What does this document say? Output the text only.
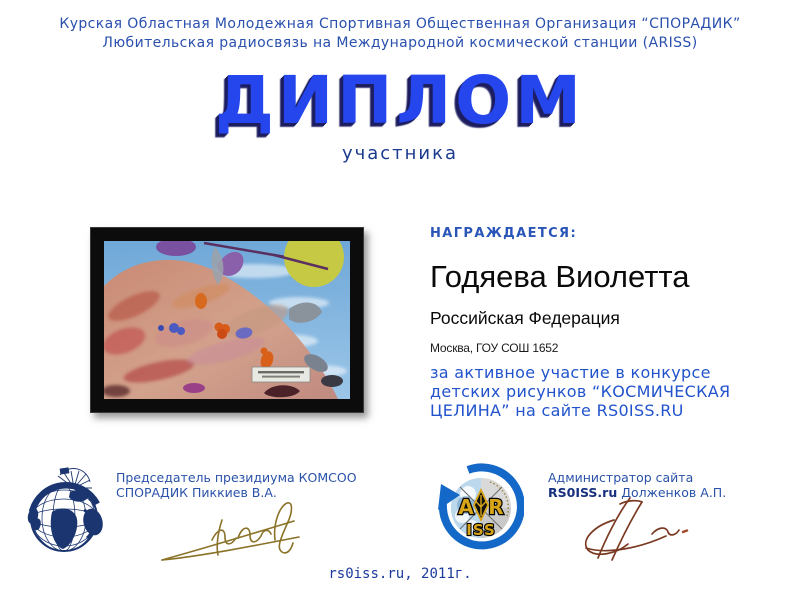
Курская Областная Молодежная Спортивная Общественная Организация “СПОРАДИК”
Любительская радиосвязь на Международной космической станции (ARISS)
ДИПЛОМ
участника
НАГРАЖДАЕТСЯ:
Годяева Виолетта
Российская Федерация
Москва, ГОУ СОШ 1652
за активное участие в конкурсе детских рисунков “КОСМИЧЕСКАЯ ЦЕЛИНА” на сайте RS0ISS.RU
Председатель президиума КОМСОО
СПОРАДИК Пиккиев В.А.
A R
ISS
Администратор сайта
RS0ISS.ru Долженков А.П.
rs0iss.ru, 2011г.
